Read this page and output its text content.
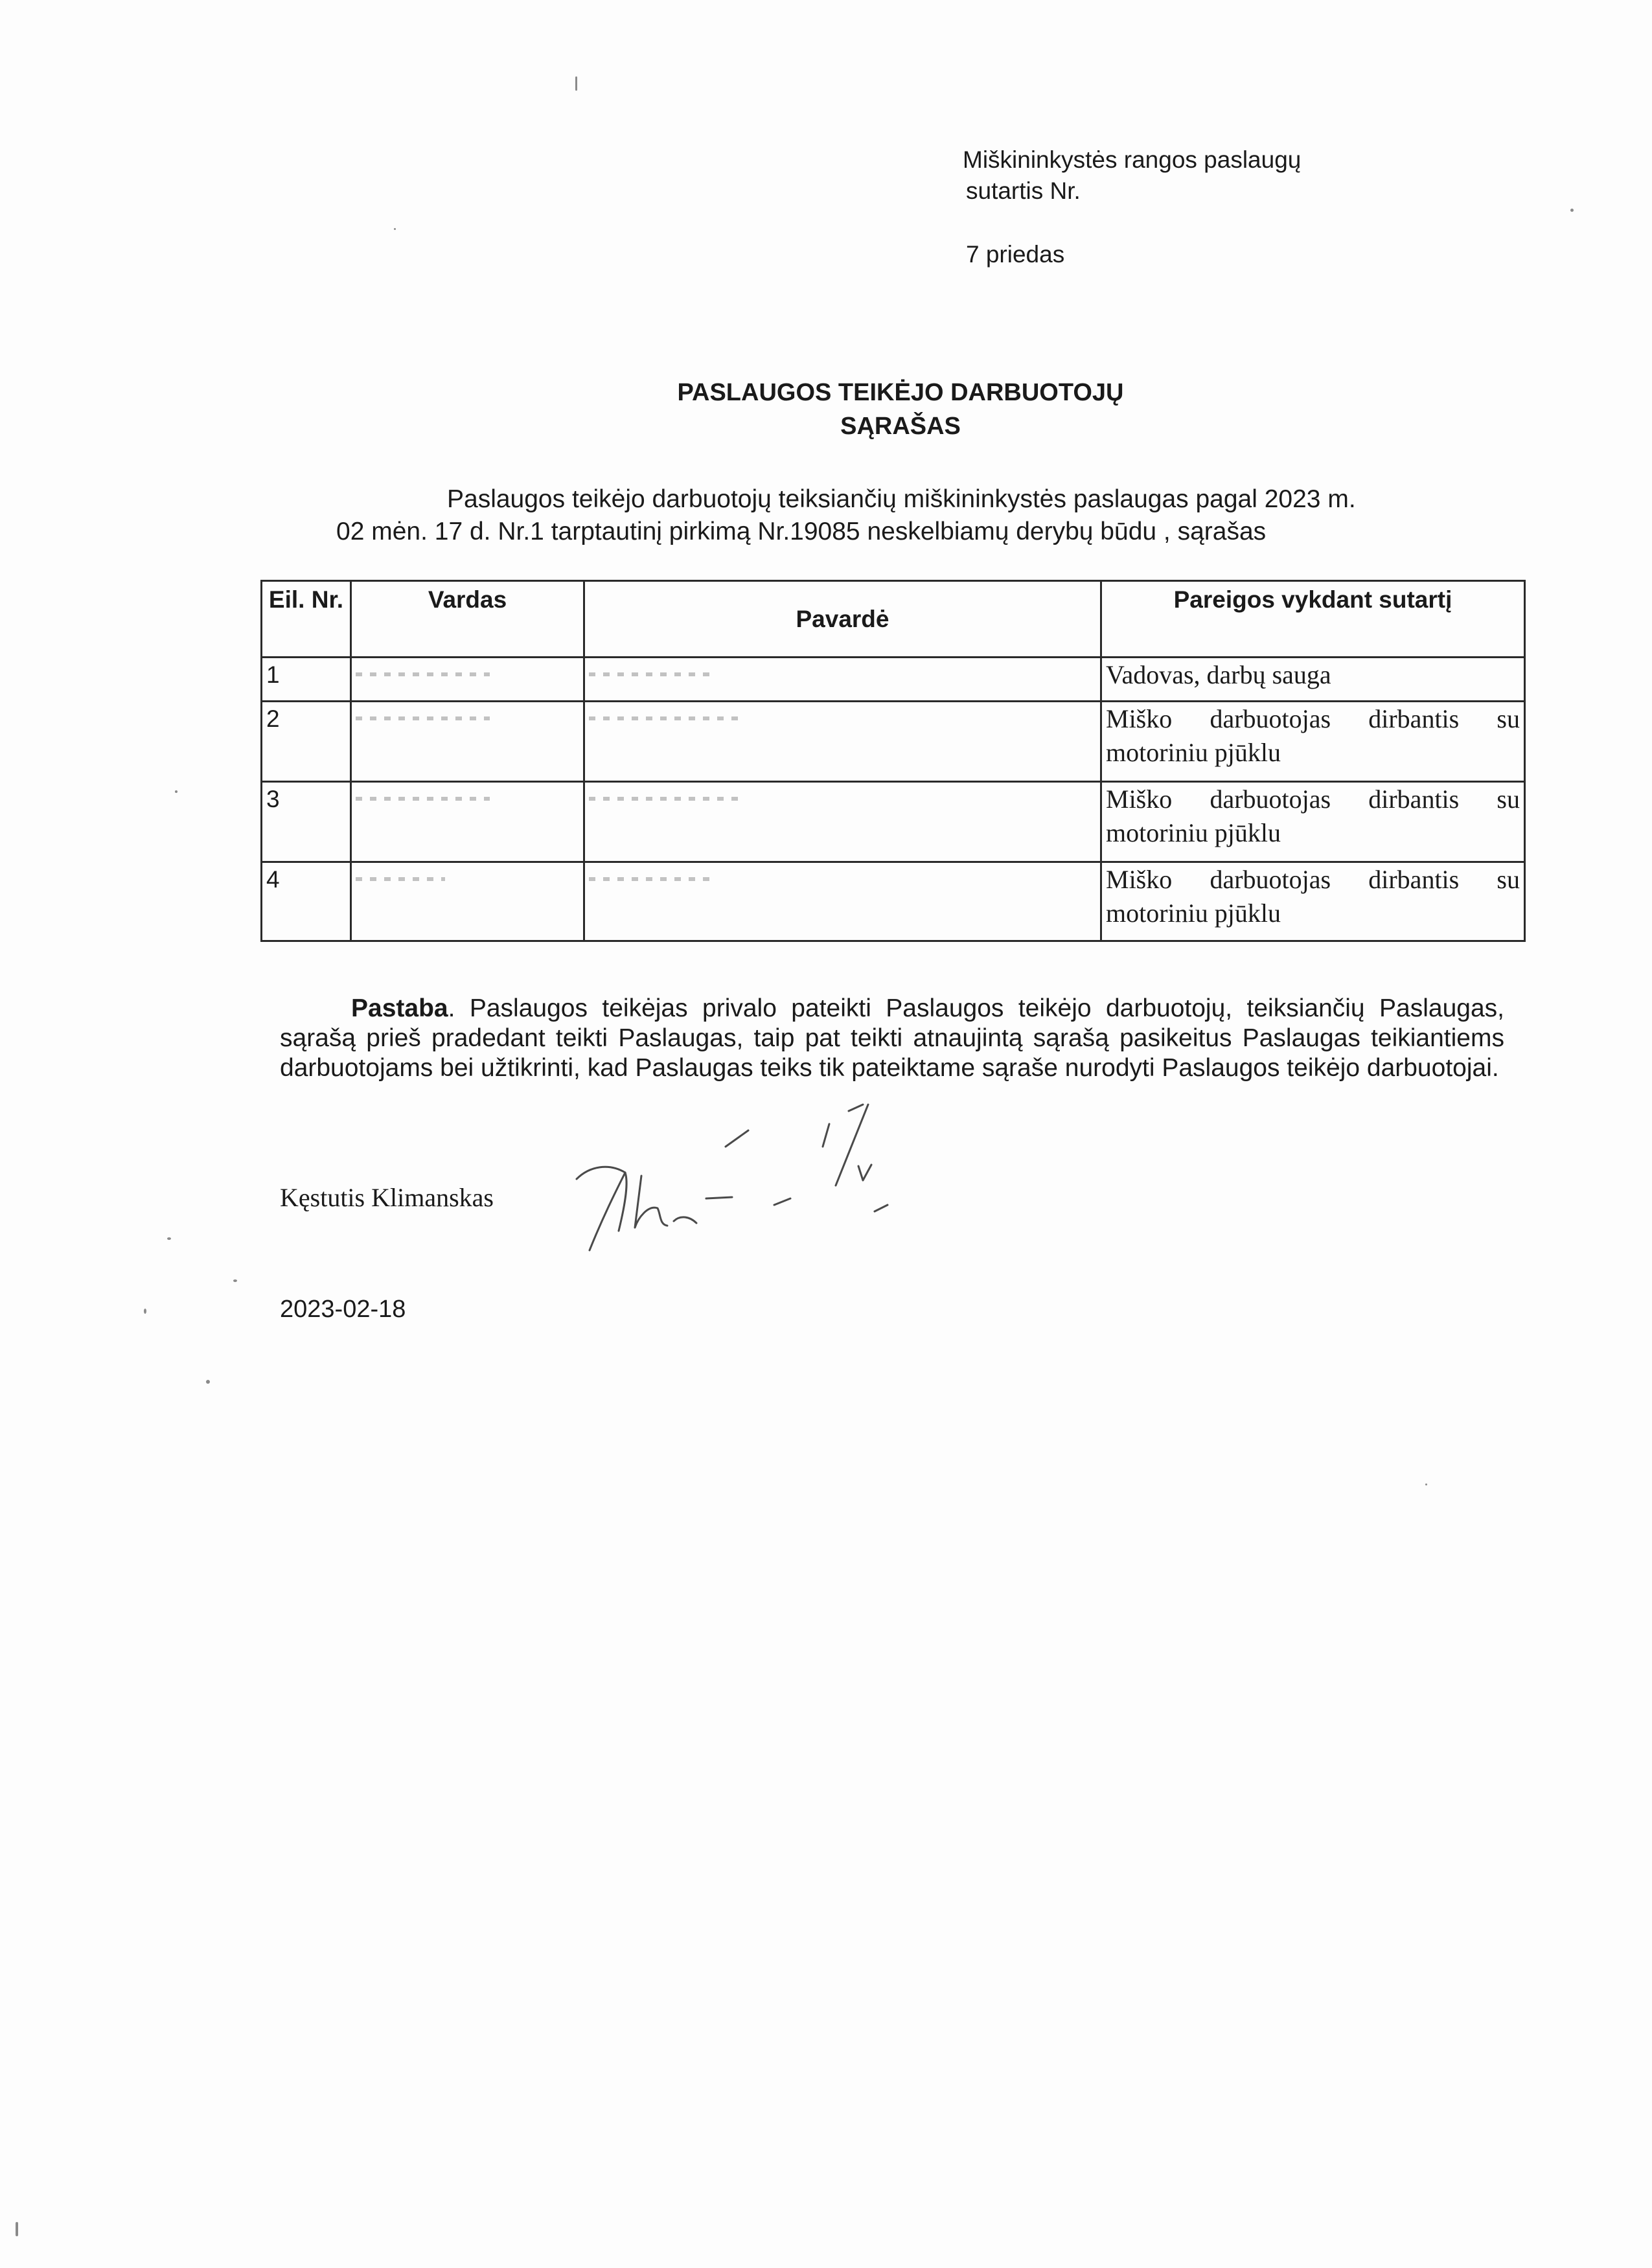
Miškininkystės rangos paslaugų
sutartis Nr.
7 priedas
PASLAUGOS TEIKĖJO DARBUOTOJŲ
SĄRAŠAS
Paslaugos teikėjo darbuotojų teiksiančių miškininkystės paslaugas pagal 2023 m.
02 mėn. 17 d. Nr.1 tarptautinį pirkimą Nr.19085 neskelbiamų derybų būdu , sąrašas
Eil. Nr.	Vardas	Pavardė	Pareigos vykdant sutartį
1			Vadovas, darbų sauga
2			Miško darbuotojas dirbantis su motoriniu pjūklu
3			Miško darbuotojas dirbantis su motoriniu pjūklu
4			Miško darbuotojas dirbantis su motoriniu pjūklu
Pastaba. Paslaugos teikėjas privalo pateikti Paslaugos teikėjo darbuotojų, teiksiančių Paslaugas, sąrašą prieš pradedant teikti Paslaugas, taip pat teikti atnaujintą sąrašą pasikeitus Paslaugas teikiantiems darbuotojams bei užtikrinti, kad Paslaugas teiks tik pateiktame sąraše nurodyti Paslaugos teikėjo darbuotojai.
Kęstutis Klimanskas
2023-02-18
